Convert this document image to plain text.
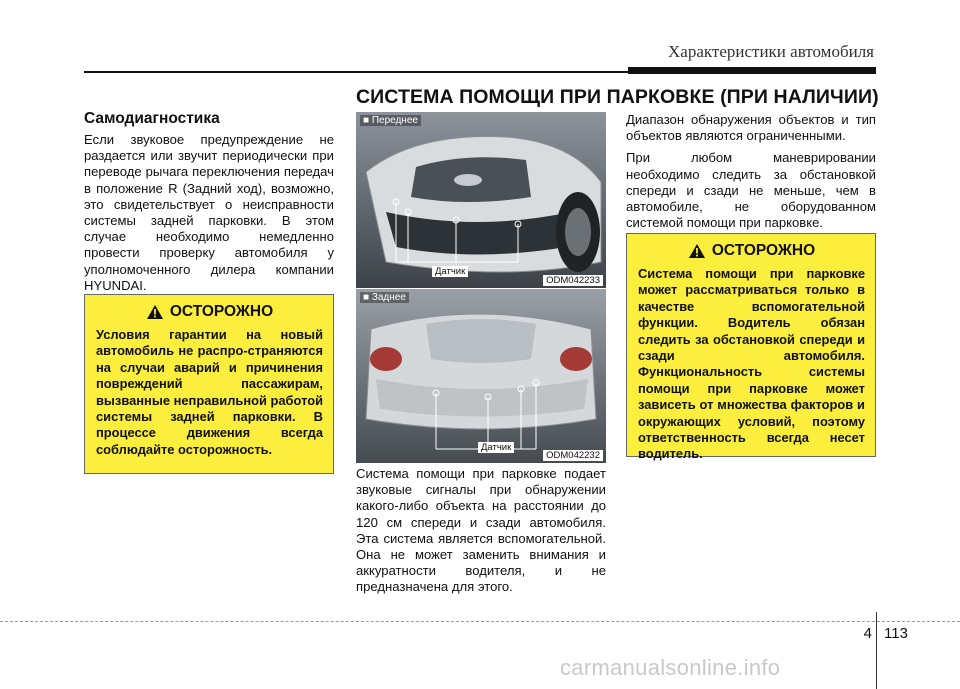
Характеристики автомобиля
СИСТЕМА ПОМОЩИ ПРИ ПАРКОВКЕ (ПРИ НАЛИЧИИ)
Самодиагностика

Если звуковое предупреждение не раздается или звучит периодически при переводе рычага переключения передач в положение R (Задний ход), возможно, это свидетельствует о неисправности системы задней парковки. В этом случае необходимо немедленно провести проверку автомобиля у уполномоченного дилера компании HYUNDAI.

ОСТОРОЖНО
Условия гарантии на новый автомобиль не распро-страняются на случаи аварий и причинения повреждений пассажирам, вызванные неправильной работой системы задней парковки. В процессе движения всегда соблюдайте осторожность.
■ Переднее
Датчик
ODM042233
■ Заднее
Датчик
ODM042232

Система помощи при парковке подает звуковые сигналы при обнаружении какого-либо объекта на расстоянии до 120 см спереди и сзади автомобиля. Эта система является вспомогательной. Она не может заменить внимания и аккуратности водителя, и не предназначена для этого.

Диапазон обнаружения объектов и тип объектов являются ограниченными.

При любом маневрировании необходимо следить за обстановкой спереди и сзади не меньше, чем в автомобиле, не оборудованном системой помощи при парковке.

ОСТОРОЖНО
Система помощи при парковке может рассматриваться только в качестве вспомогательной функции. Водитель обязан следить за обстановкой спереди и сзади автомобиля. Функциональность системы помощи при парковке может зависеть от множества факторов и окружающих условий, поэтому ответственность всегда несет водитель.
4 113
carmanualsonline.info
